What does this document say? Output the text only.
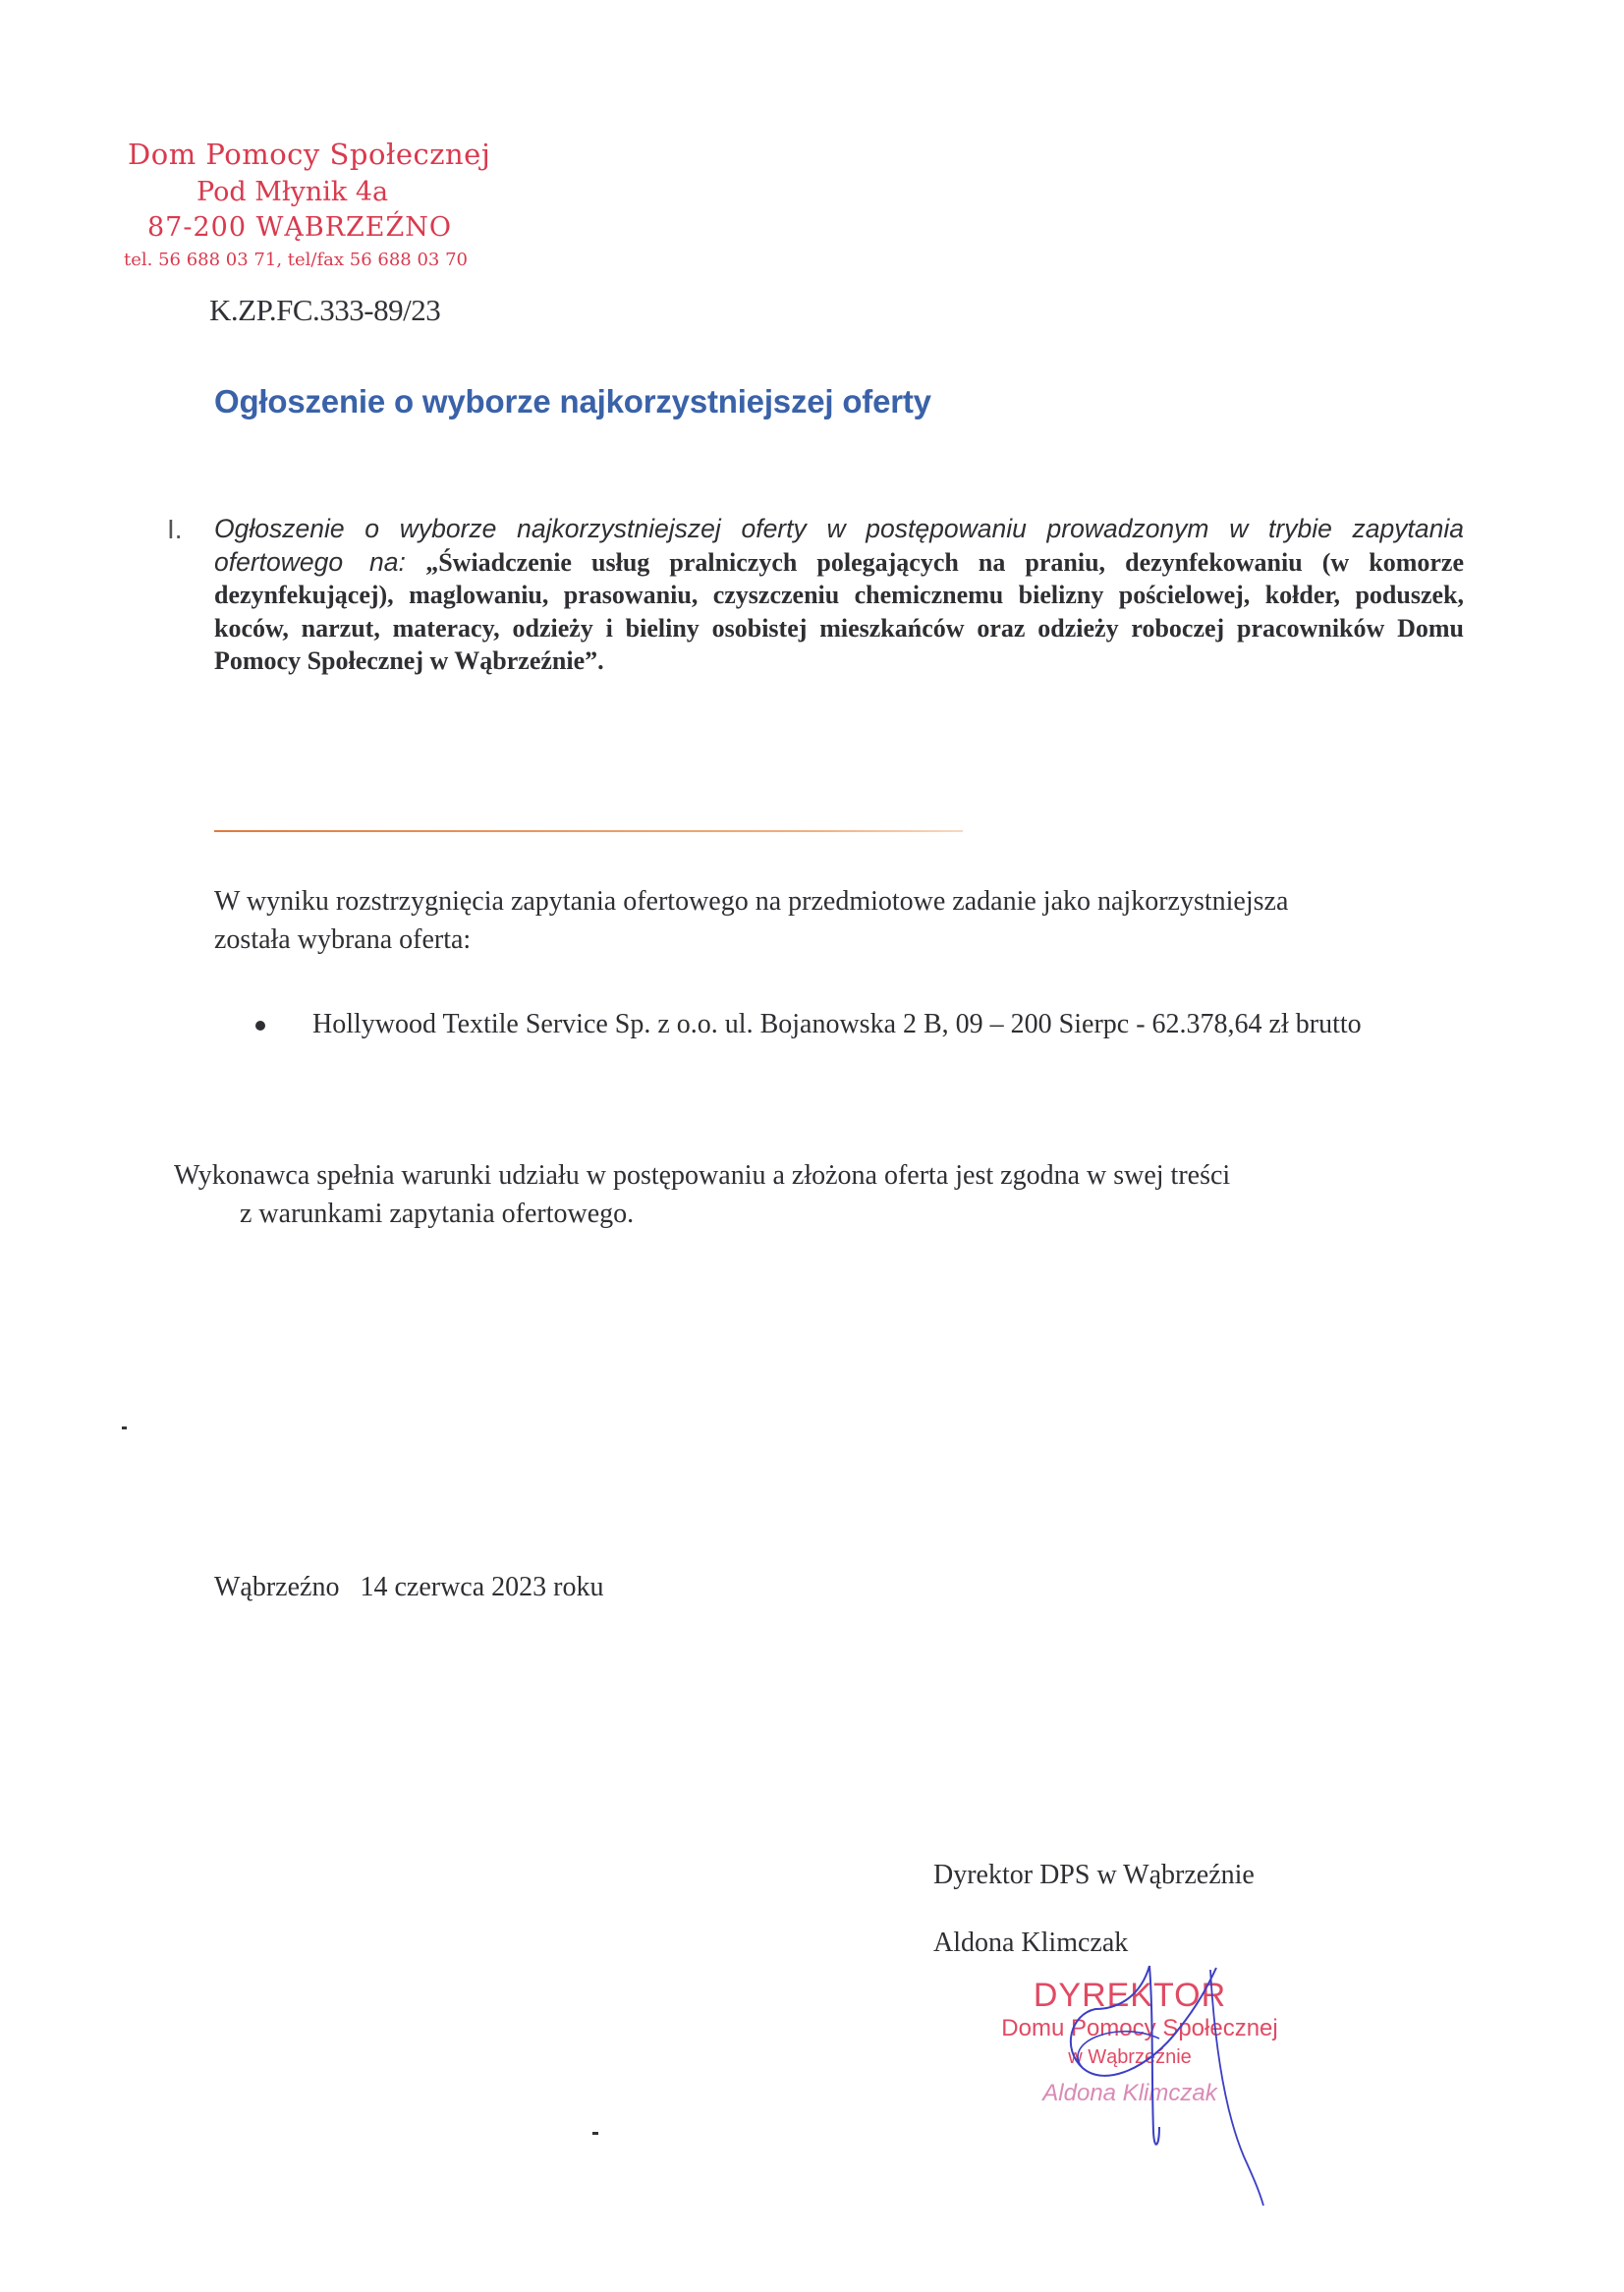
Dom Pomocy Społecznej
Pod Młynik 4a
87-200 WĄBRZEŹNO
tel. 56 688 03 71, tel/fax 56 688 03 70
K.ZP.FC.333-89/23
Ogłoszenie o wyborze najkorzystniejszej oferty
I. Ogłoszenie o wyborze najkorzystniejszej oferty w postępowaniu prowadzonym w trybie zapytania ofertowego na: „Świadczenie usług pralniczych polegających na praniu, dezynfekowaniu (w komorze dezynfekującej), maglowaniu, prasowaniu, czyszczeniu chemicznemu bielizny pościelowej, kołder, poduszek, koców, narzut, materacy, odzieży i bieliny osobistej mieszkańców oraz odzieży roboczej pracowników Domu Pomocy Społecznej w Wąbrzeźnie”.
W wyniku rozstrzygnięcia zapytania ofertowego na przedmiotowe zadanie jako najkorzystniejsza została wybrana oferta:
Hollywood Textile Service Sp. z o.o. ul. Bojanowska 2 B, 09 – 200 Sierpc - 62.378,64 zł brutto
Wykonawca spełnia warunki udziału w postępowaniu a złożona oferta jest zgodna w swej treści
z warunkami zapytania ofertowego.
Wąbrzeźno 14 czerwca 2023 roku
Dyrektor DPS w Wąbrzeźnie
Aldona Klimczak
DYREKTOR
Domu Pomocy Społecznej
w Wąbrzeźnie
Aldona Klimczak
